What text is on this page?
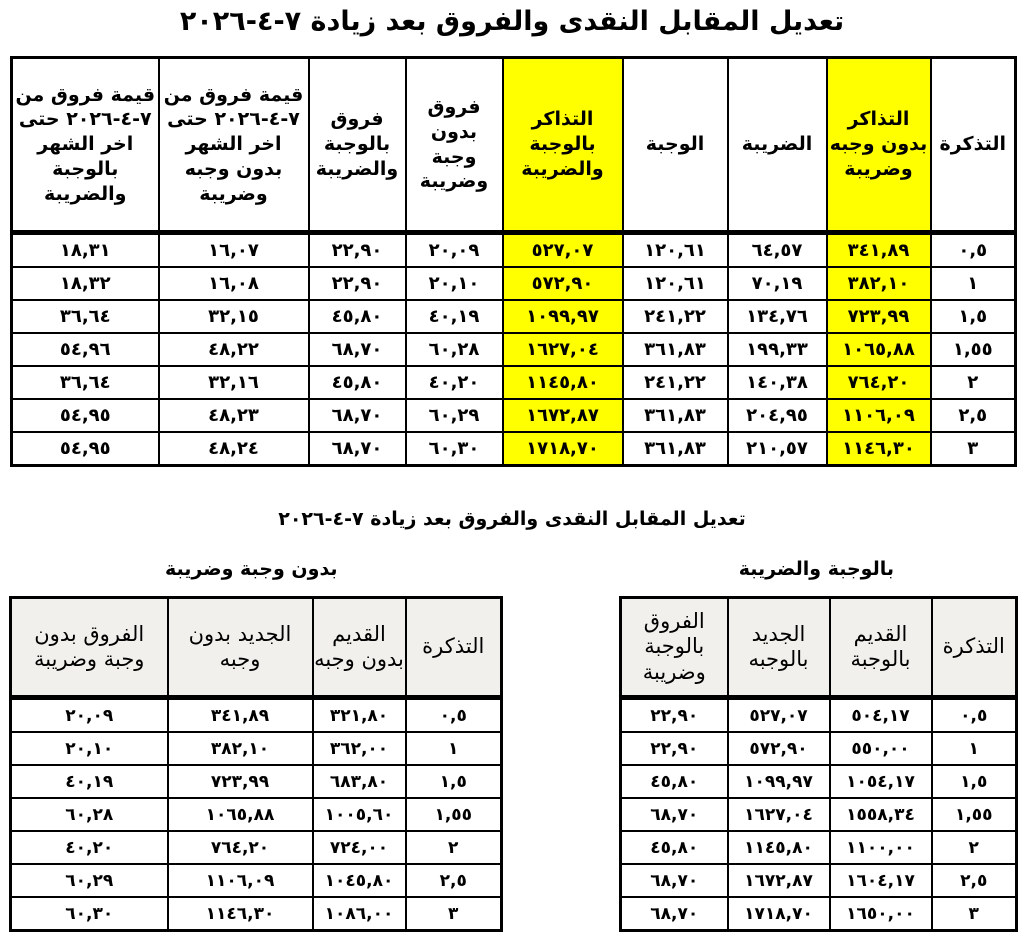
تعديل المقابل النقدى والفروق بعد زيادة ٧-٤-٢٠٢٦
التذكرة	التذاكر بدون وجبه وضريبة	الضريبة	الوجبة	التذاكر بالوجبة والضريبة	فروق بدون وجبة وضريبة	فروق بالوجبة والضريبة	قيمة فروق من ٧-٤-٢٠٢٦ حتى اخر الشهر بدون وجبه وضريبة	قيمة فروق من ٧-٤-٢٠٢٦ حتى اخر الشهر بالوجبة والضريبة
٠,٥	٣٤١,٨٩	٦٤,٥٧	١٢٠,٦١	٥٢٧,٠٧	٢٠,٠٩	٢٢,٩٠	١٦,٠٧	١٨,٣١
١	٣٨٢,١٠	٧٠,١٩	١٢٠,٦١	٥٧٢,٩٠	٢٠,١٠	٢٢,٩٠	١٦,٠٨	١٨,٣٢
١,٥	٧٢٣,٩٩	١٣٤,٧٦	٢٤١,٢٢	١٠٩٩,٩٧	٤٠,١٩	٤٥,٨٠	٣٢,١٥	٣٦,٦٤
١,٥٥	١٠٦٥,٨٨	١٩٩,٣٣	٣٦١,٨٣	١٦٢٧,٠٤	٦٠,٢٨	٦٨,٧٠	٤٨,٢٢	٥٤,٩٦
٢	٧٦٤,٢٠	١٤٠,٣٨	٢٤١,٢٢	١١٤٥,٨٠	٤٠,٢٠	٤٥,٨٠	٣٢,١٦	٣٦,٦٤
٢,٥	١١٠٦,٠٩	٢٠٤,٩٥	٣٦١,٨٣	١٦٧٢,٨٧	٦٠,٢٩	٦٨,٧٠	٤٨,٢٣	٥٤,٩٥
٣	١١٤٦,٣٠	٢١٠,٥٧	٣٦١,٨٣	١٧١٨,٧٠	٦٠,٣٠	٦٨,٧٠	٤٨,٢٤	٥٤,٩٥
تعديل المقابل النقدى والفروق بعد زيادة ٧-٤-٢٠٢٦
بالوجبة والضريبة
بدون وجبة وضريبة
التذكرة	القديم بالوجبة	الجديد بالوجبه	الفروق بالوجبة وضريبة
٠,٥	٥٠٤,١٧	٥٢٧,٠٧	٢٢,٩٠
١	٥٥٠,٠٠	٥٧٢,٩٠	٢٢,٩٠
١,٥	١٠٥٤,١٧	١٠٩٩,٩٧	٤٥,٨٠
١,٥٥	١٥٥٨,٣٤	١٦٢٧,٠٤	٦٨,٧٠
٢	١١٠٠,٠٠	١١٤٥,٨٠	٤٥,٨٠
٢,٥	١٦٠٤,١٧	١٦٧٢,٨٧	٦٨,٧٠
٣	١٦٥٠,٠٠	١٧١٨,٧٠	٦٨,٧٠
التذكرة	القديم بدون وجبه	الجديد بدون وجبه	الفروق بدون وجبة وضريبة
٠,٥	٣٢١,٨٠	٣٤١,٨٩	٢٠,٠٩
١	٣٦٢,٠٠	٣٨٢,١٠	٢٠,١٠
١,٥	٦٨٣,٨٠	٧٢٣,٩٩	٤٠,١٩
١,٥٥	١٠٠٥,٦٠	١٠٦٥,٨٨	٦٠,٢٨
٢	٧٢٤,٠٠	٧٦٤,٢٠	٤٠,٢٠
٢,٥	١٠٤٥,٨٠	١١٠٦,٠٩	٦٠,٢٩
٣	١٠٨٦,٠٠	١١٤٦,٣٠	٦٠,٣٠
